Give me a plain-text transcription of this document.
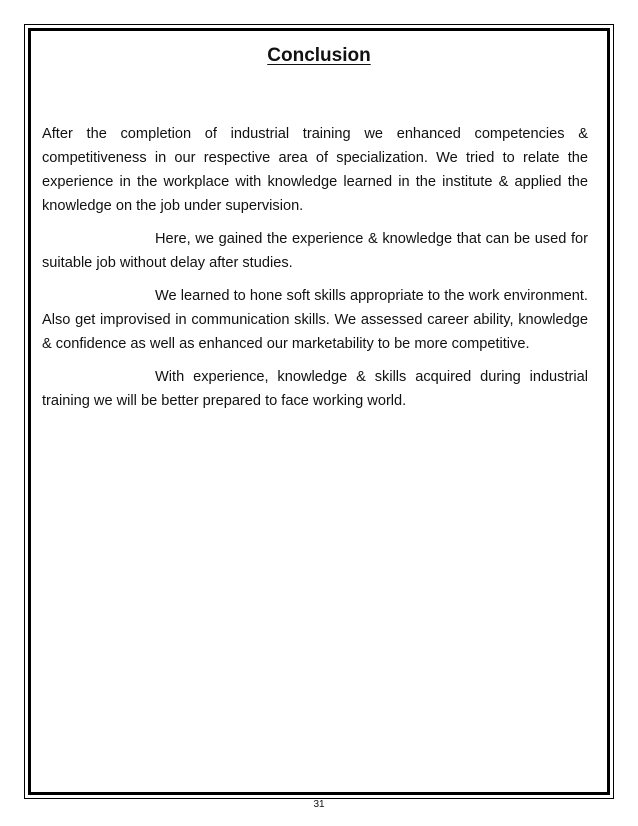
Conclusion

After the completion of industrial training we enhanced competencies & competitiveness in our respective area of specialization. We tried to relate the experience in the workplace with knowledge learned in the institute & applied the knowledge on the job under supervision.

Here, we gained the experience & knowledge that can be used for suitable job without delay after studies.

We learned to hone soft skills appropriate to the work environment. Also get improvised in communication skills. We assessed career ability, knowledge & confidence as well as enhanced our marketability to be more competitive.

With experience, knowledge & skills acquired during industrial training we will be better prepared to face working world.

31
